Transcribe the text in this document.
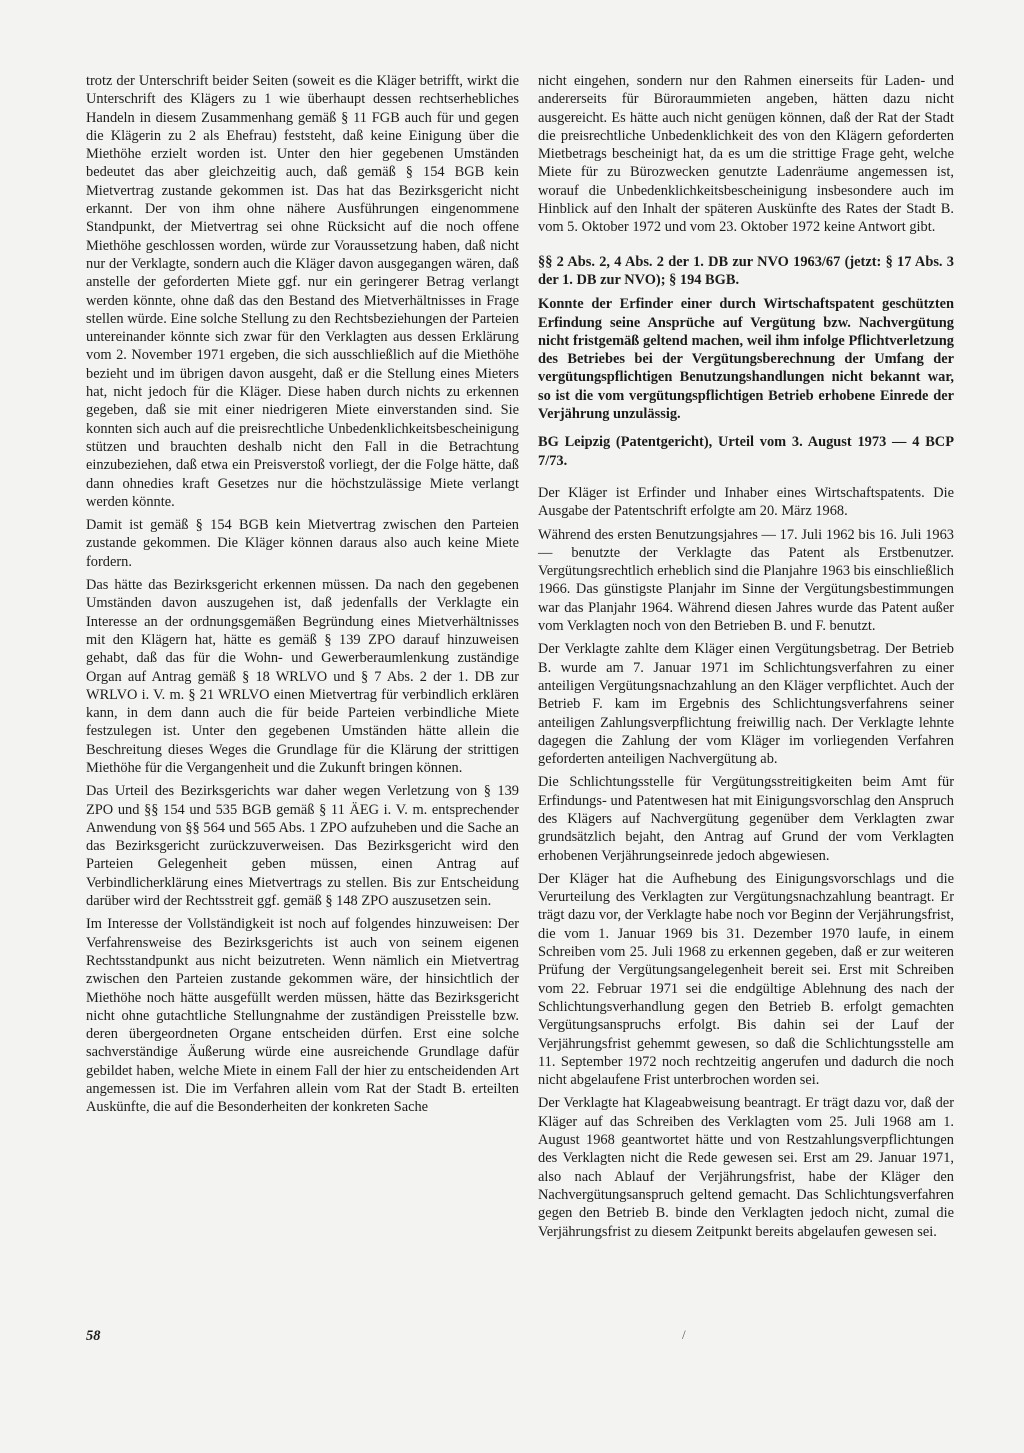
trotz der Unterschrift beider Seiten (soweit es die Kläger betrifft, wirkt die Unterschrift des Klägers zu 1 wie überhaupt dessen rechtserhebliches Handeln in diesem Zusammenhang gemäß § 11 FGB auch für und gegen die Klägerin zu 2 als Ehefrau) feststeht, daß keine Einigung über die Miethöhe erzielt worden ist. Unter den hier gegebenen Umständen bedeutet das aber gleichzeitig auch, daß gemäß § 154 BGB kein Mietvertrag zustande gekommen ist. Das hat das Bezirksgericht nicht erkannt. Der von ihm ohne nähere Ausführungen eingenommene Standpunkt, der Mietvertrag sei ohne Rücksicht auf die noch offene Miethöhe geschlossen worden, würde zur Voraussetzung haben, daß nicht nur der Verklagte, sondern auch die Kläger davon ausgegangen wären, daß anstelle der geforderten Miete ggf. nur ein geringerer Betrag verlangt werden könnte, ohne daß das den Bestand des Mietverhältnisses in Frage stellen würde. Eine solche Stellung zu den Rechtsbeziehungen der Parteien untereinander könnte sich zwar für den Verklagten aus dessen Erklärung vom 2. November 1971 ergeben, die sich ausschließlich auf die Miethöhe bezieht und im übrigen davon ausgeht, daß er die Stellung eines Mieters hat, nicht jedoch für die Kläger. Diese haben durch nichts zu erkennen gegeben, daß sie mit einer niedrigeren Miete einverstanden sind. Sie konnten sich auch auf die preisrechtliche Unbedenklichkeitsbescheinigung stützen und brauchten deshalb nicht den Fall in die Betrachtung einzubeziehen, daß etwa ein Preisverstoß vorliegt, der die Folge hätte, daß dann ohnedies kraft Gesetzes nur die höchstzulässige Miete verlangt werden könnte.

Damit ist gemäß § 154 BGB kein Mietvertrag zwischen den Parteien zustande gekommen. Die Kläger können daraus also auch keine Miete fordern.

Das hätte das Bezirksgericht erkennen müssen. Da nach den gegebenen Umständen davon auszugehen ist, daß jedenfalls der Verklagte ein Interesse an der ordnungsgemäßen Begründung eines Mietverhältnisses mit den Klägern hat, hätte es gemäß § 139 ZPO darauf hinzuweisen gehabt, daß das für die Wohn- und Gewerberaumlenkung zuständige Organ auf Antrag gemäß § 18 WRLVO und § 7 Abs. 2 der 1. DB zur WRLVO i. V. m. § 21 WRLVO einen Mietvertrag für verbindlich erklären kann, in dem dann auch die für beide Parteien verbindliche Miete festzulegen ist. Unter den gegebenen Umständen hätte allein die Beschreitung dieses Weges die Grundlage für die Klärung der strittigen Miethöhe für die Vergangenheit und die Zukunft bringen können.

Das Urteil des Bezirksgerichts war daher wegen Verletzung von § 139 ZPO und §§ 154 und 535 BGB gemäß § 11 ÄEG i. V. m. entsprechender Anwendung von §§ 564 und 565 Abs. 1 ZPO aufzuheben und die Sache an das Bezirksgericht zurückzuverweisen. Das Bezirksgericht wird den Parteien Gelegenheit geben müssen, einen Antrag auf Verbindlicherklärung eines Mietvertrags zu stellen. Bis zur Entscheidung darüber wird der Rechtsstreit ggf. gemäß § 148 ZPO auszusetzen sein.

Im Interesse der Vollständigkeit ist noch auf folgendes hinzuweisen: Der Verfahrensweise des Bezirksgerichts ist auch von seinem eigenen Rechtsstandpunkt aus nicht beizutreten. Wenn nämlich ein Mietvertrag zwischen den Parteien zustande gekommen wäre, der hinsichtlich der Miethöhe noch hätte ausgefüllt werden müssen, hätte das Bezirksgericht nicht ohne gutachtliche Stellungnahme der zuständigen Preisstelle bzw. deren übergeordneten Organe entscheiden dürfen. Erst eine solche sachverständige Äußerung würde eine ausreichende Grundlage dafür gebildet haben, welche Miete in einem Fall der hier zu entscheidenden Art angemessen ist. Die im Verfahren allein vom Rat der Stadt B. erteilten Auskünfte, die auf die Besonderheiten der konkreten Sache

nicht eingehen, sondern nur den Rahmen einerseits für Laden- und andererseits für Büroraummieten angeben, hätten dazu nicht ausgereicht. Es hätte auch nicht genügen können, daß der Rat der Stadt die preisrechtliche Unbedenklichkeit des von den Klägern geforderten Mietbetrags bescheinigt hat, da es um die strittige Frage geht, welche Miete für zu Bürozwecken genutzte Ladenräume angemessen ist, worauf die Unbedenklichkeitsbescheinigung insbesondere auch im Hinblick auf den Inhalt der späteren Auskünfte des Rates der Stadt B. vom 5. Oktober 1972 und vom 23. Oktober 1972 keine Antwort gibt.

§§ 2 Abs. 2, 4 Abs. 2 der 1. DB zur NVO 1963/67 (jetzt: § 17 Abs. 3 der 1. DB zur NVO); § 194 BGB.

Konnte der Erfinder einer durch Wirtschaftspatent geschützten Erfindung seine Ansprüche auf Vergütung bzw. Nachvergütung nicht fristgemäß geltend machen, weil ihm infolge Pflichtverletzung des Betriebes bei der Vergütungsberechnung der Umfang der vergütungspflichtigen Benutzungshandlungen nicht bekannt war, so ist die vom vergütungspflichtigen Betrieb erhobene Einrede der Verjährung unzulässig.

BG Leipzig (Patentgericht), Urteil vom 3. August 1973 — 4 BCP 7/73.

Der Kläger ist Erfinder und Inhaber eines Wirtschaftspatents. Die Ausgabe der Patentschrift erfolgte am 20. März 1968.

Während des ersten Benutzungsjahres — 17. Juli 1962 bis 16. Juli 1963 — benutzte der Verklagte das Patent als Erstbenutzer. Vergütungsrechtlich erheblich sind die Planjahre 1963 bis einschließlich 1966. Das günstigste Planjahr im Sinne der Vergütungsbestimmungen war das Planjahr 1964. Während diesen Jahres wurde das Patent außer vom Verklagten noch von den Betrieben B. und F. benutzt.

Der Verklagte zahlte dem Kläger einen Vergütungsbetrag. Der Betrieb B. wurde am 7. Januar 1971 im Schlichtungsverfahren zu einer anteiligen Vergütungsnachzahlung an den Kläger verpflichtet. Auch der Betrieb F. kam im Ergebnis des Schlichtungsverfahrens seiner anteiligen Zahlungsverpflichtung freiwillig nach. Der Verklagte lehnte dagegen die Zahlung der vom Kläger im vorliegenden Verfahren geforderten anteiligen Nachvergütung ab.

Die Schlichtungsstelle für Vergütungsstreitigkeiten beim Amt für Erfindungs- und Patentwesen hat mit Einigungsvorschlag den Anspruch des Klägers auf Nachvergütung gegenüber dem Verklagten zwar grundsätzlich bejaht, den Antrag auf Grund der vom Verklagten erhobenen Verjährungseinrede jedoch abgewiesen.

Der Kläger hat die Aufhebung des Einigungsvorschlags und die Verurteilung des Verklagten zur Vergütungsnachzahlung beantragt. Er trägt dazu vor, der Verklagte habe noch vor Beginn der Verjährungsfrist, die vom 1. Januar 1969 bis 31. Dezember 1970 laufe, in einem Schreiben vom 25. Juli 1968 zu erkennen gegeben, daß er zur weiteren Prüfung der Vergütungsangelegenheit bereit sei. Erst mit Schreiben vom 22. Februar 1971 sei die endgültige Ablehnung des nach der Schlichtungsverhandlung gegen den Betrieb B. erfolgt gemachten Vergütungsanspruchs erfolgt. Bis dahin sei der Lauf der Verjährungsfrist gehemmt gewesen, so daß die Schlichtungsstelle am 11. September 1972 noch rechtzeitig angerufen und dadurch die noch nicht abgelaufene Frist unterbrochen worden sei.

Der Verklagte hat Klageabweisung beantragt. Er trägt dazu vor, daß der Kläger auf das Schreiben des Verklagten vom 25. Juli 1968 am 1. August 1968 geantwortet hätte und von Restzahlungsverpflichtungen des Verklagten nicht die Rede gewesen sei. Erst am 29. Januar 1971, also nach Ablauf der Verjährungsfrist, habe der Kläger den Nachvergütungsanspruch geltend gemacht. Das Schlichtungsverfahren gegen den Betrieb B. binde den Verklagten jedoch nicht, zumal die Verjährungsfrist zu diesem Zeitpunkt bereits abgelaufen gewesen sei.

58	/
